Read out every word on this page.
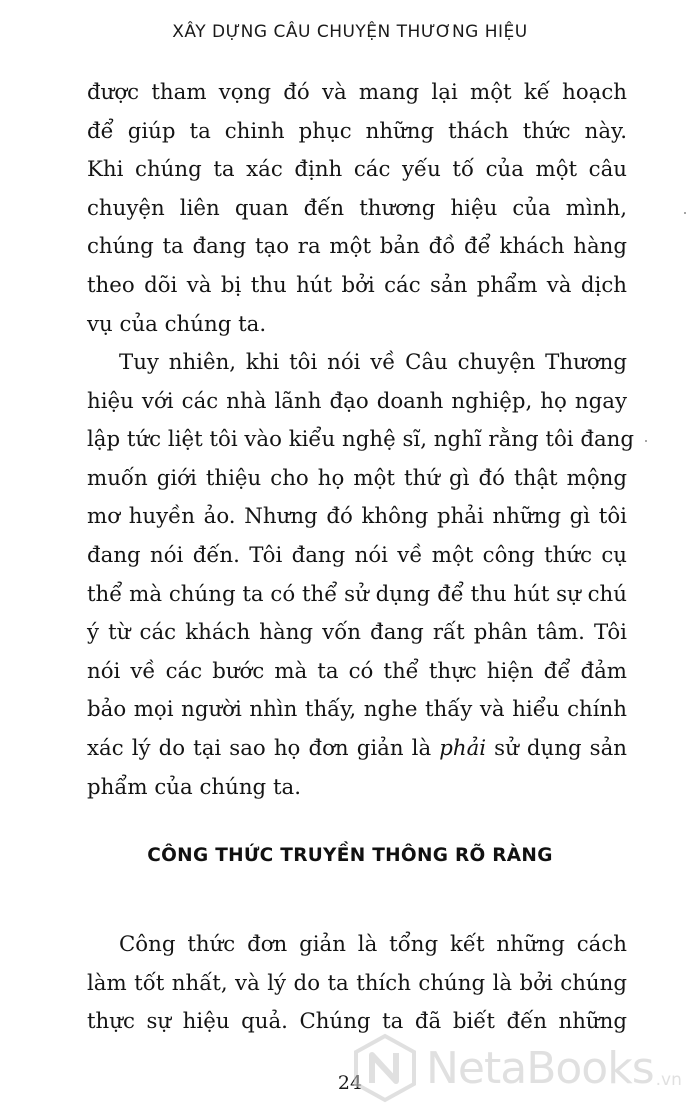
XÂY DỰNG CÂU CHUYỆN THƯƠNG HIỆU
được tham vọng đó và mang lại một kế hoạch
để giúp ta chinh phục những thách thức này.
Khi chúng ta xác định các yếu tố của một câu
chuyện liên quan đến thương hiệu của mình,
chúng ta đang tạo ra một bản đồ để khách hàng
theo dõi và bị thu hút bởi các sản phẩm và dịch
vụ của chúng ta.
Tuy nhiên, khi tôi nói về Câu chuyện Thương
hiệu với các nhà lãnh đạo doanh nghiệp, họ ngay
lập tức liệt tôi vào kiểu nghệ sĩ, nghĩ rằng tôi đang
muốn giới thiệu cho họ một thứ gì đó thật mộng
mơ huyền ảo. Nhưng đó không phải những gì tôi
đang nói đến. Tôi đang nói về một công thức cụ
thể mà chúng ta có thể sử dụng để thu hút sự chú
ý từ các khách hàng vốn đang rất phân tâm. Tôi
nói về các bước mà ta có thể thực hiện để đảm
bảo mọi người nhìn thấy, nghe thấy và hiểu chính
xác lý do tại sao họ đơn giản là phải sử dụng sản
phẩm của chúng ta.
CÔNG THỨC TRUYỀN THÔNG RÕ RÀNG
Công thức đơn giản là tổng kết những cách
làm tốt nhất, và lý do ta thích chúng là bởi chúng
thực sự hiệu quả. Chúng ta đã biết đến những
24	NetaBooks .vn
